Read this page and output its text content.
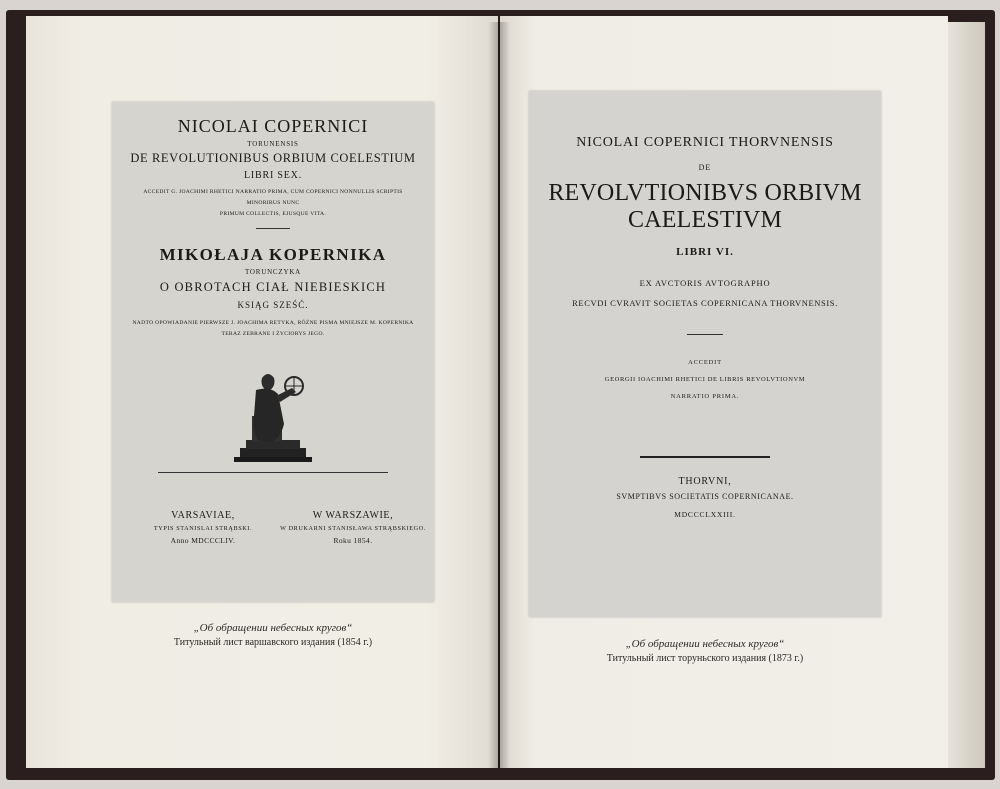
NICOLAI COPERNICI
TORUNENSIS
DE REVOLUTIONIBUS ORBIUM COELESTIUM
LIBRI SEX.
ACCEDIT G. JOACHIMI RHETICI NARRATIO PRIMA, CUM COPERNICI NONNULLIS SCRIPTIS MINORIBUS NUNC
PRIMUM COLLECTIS, EJUSQUE VITA.
MIKOŁAJA KOPERNIKA
TORUNCZYKA
O OBROTACH CIAŁ NIEBIESKICH
KSIĄG SZEŚĆ.
NADTO OPOWIADANIE PIERWSZE J. JOACHIMA RETYKA, RÓŻNE PISMA MNIEJSZE M. KOPERNIKA
TERAZ ZEBRANE I ŻYCIORYS JEGO.
VARSAVIAE,
TYPIS STANISLAI STRĄBSKI.
Anno MDCCCLIV.
W WARSZAWIE,
W DRUKARNI STANISŁAWA STRĄBSKIEGO.
Roku 1854.
„Об обращении небесных кругов“
Титульный лист варшавского издания (1854 г.)
NICOLAI COPERNICI THORVNENSIS
DE
REVOLVTIONIBVS ORBIVM CAELESTIVM
LIBRI VI.
EX AVCTORIS AVTOGRAPHO
RECVDI CVRAVIT SOCIETAS COPERNICANA THORVNENSIS.
ACCEDIT
GEORGII IOACHIMI RHETICI DE LIBRIS REVOLVTIONVM
NARRATIO PRIMA.
THORVNI,
SVMPTIBVS SOCIETATIS COPERNICANAE.
MDCCCLXXIII.
„Об обращении небесных кругов“
Титульный лист торуньского издания (1873 г.)
